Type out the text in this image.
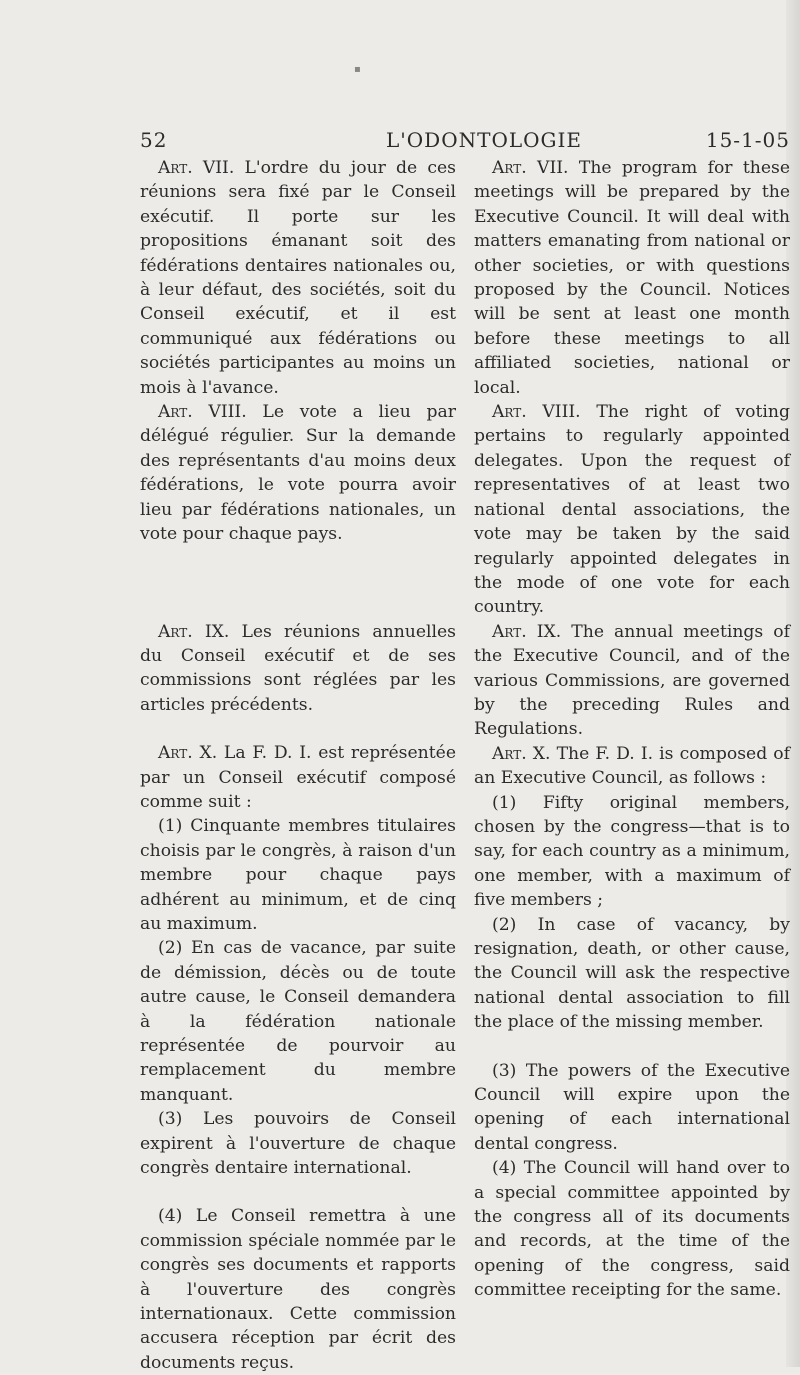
▪
52	L'ODONTOLOGIE	15-1-05

Art. VII. L'ordre du jour de ces réunions sera fixé par le Conseil exécutif. Il porte sur les propositions émanant soit des fédérations dentaires nationales ou, à leur défaut, des sociétés, soit du Conseil exécutif, et il est communiqué aux fédérations ou sociétés participantes au moins un mois à l'avance.

Art. VIII. Le vote a lieu par délégué régulier. Sur la demande des représentants d'au moins deux fédérations, le vote pourra avoir lieu par fédérations nationales, un vote pour chaque pays.

Art. IX. Les réunions annuelles du Conseil exécutif et de ses commissions sont réglées par les articles précédents.

Art. X. La F. D. I. est représentée par un Conseil exécutif composé comme suit :

(1) Cinquante membres titulaires choisis par le congrès, à raison d'un membre pour chaque pays adhérent au minimum, et de cinq au maximum.

(2) En cas de vacance, par suite de démission, décès ou de toute autre cause, le Conseil demandera à la fédération nationale représentée de pourvoir au remplacement du membre manquant.

(3) Les pouvoirs de Conseil expirent à l'ouverture de chaque congrès dentaire international.

(4) Le Conseil remettra à une commission spéciale nommée par le congrès ses documents et rapports à l'ouverture des congrès internationaux. Cette commission accusera réception par écrit des documents reçus.

Art. VII. The program for these meetings will be prepared by the Executive Council. It will deal with matters emanating from national or other societies, or with questions proposed by the Council. Notices will be sent at least one month before these meetings to all affiliated societies, national or local.

Art. VIII. The right of voting pertains to regularly appointed delegates. Upon the request of representatives of at least two national dental associations, the vote may be taken by the said regularly appointed delegates in the mode of one vote for each country.

Art. IX. The annual meetings of the Executive Council, and of the various Commissions, are governed by the preceding Rules and Regulations.

Art. X. The F. D. I. is composed of an Executive Council, as follows :

(1) Fifty original members, chosen by the congress—that is to say, for each country as a minimum, one member, with a maximum of five members ;

(2) In case of vacancy, by resignation, death, or other cause, the Council will ask the respective national dental association to fill the place of the missing member.

(3) The powers of the Executive Council will expire upon the opening of each international dental congress.

(4) The Council will hand over to a special committee appointed by the congress all of its documents and records, at the time of the opening of the congress, said committee receipting for the same.
